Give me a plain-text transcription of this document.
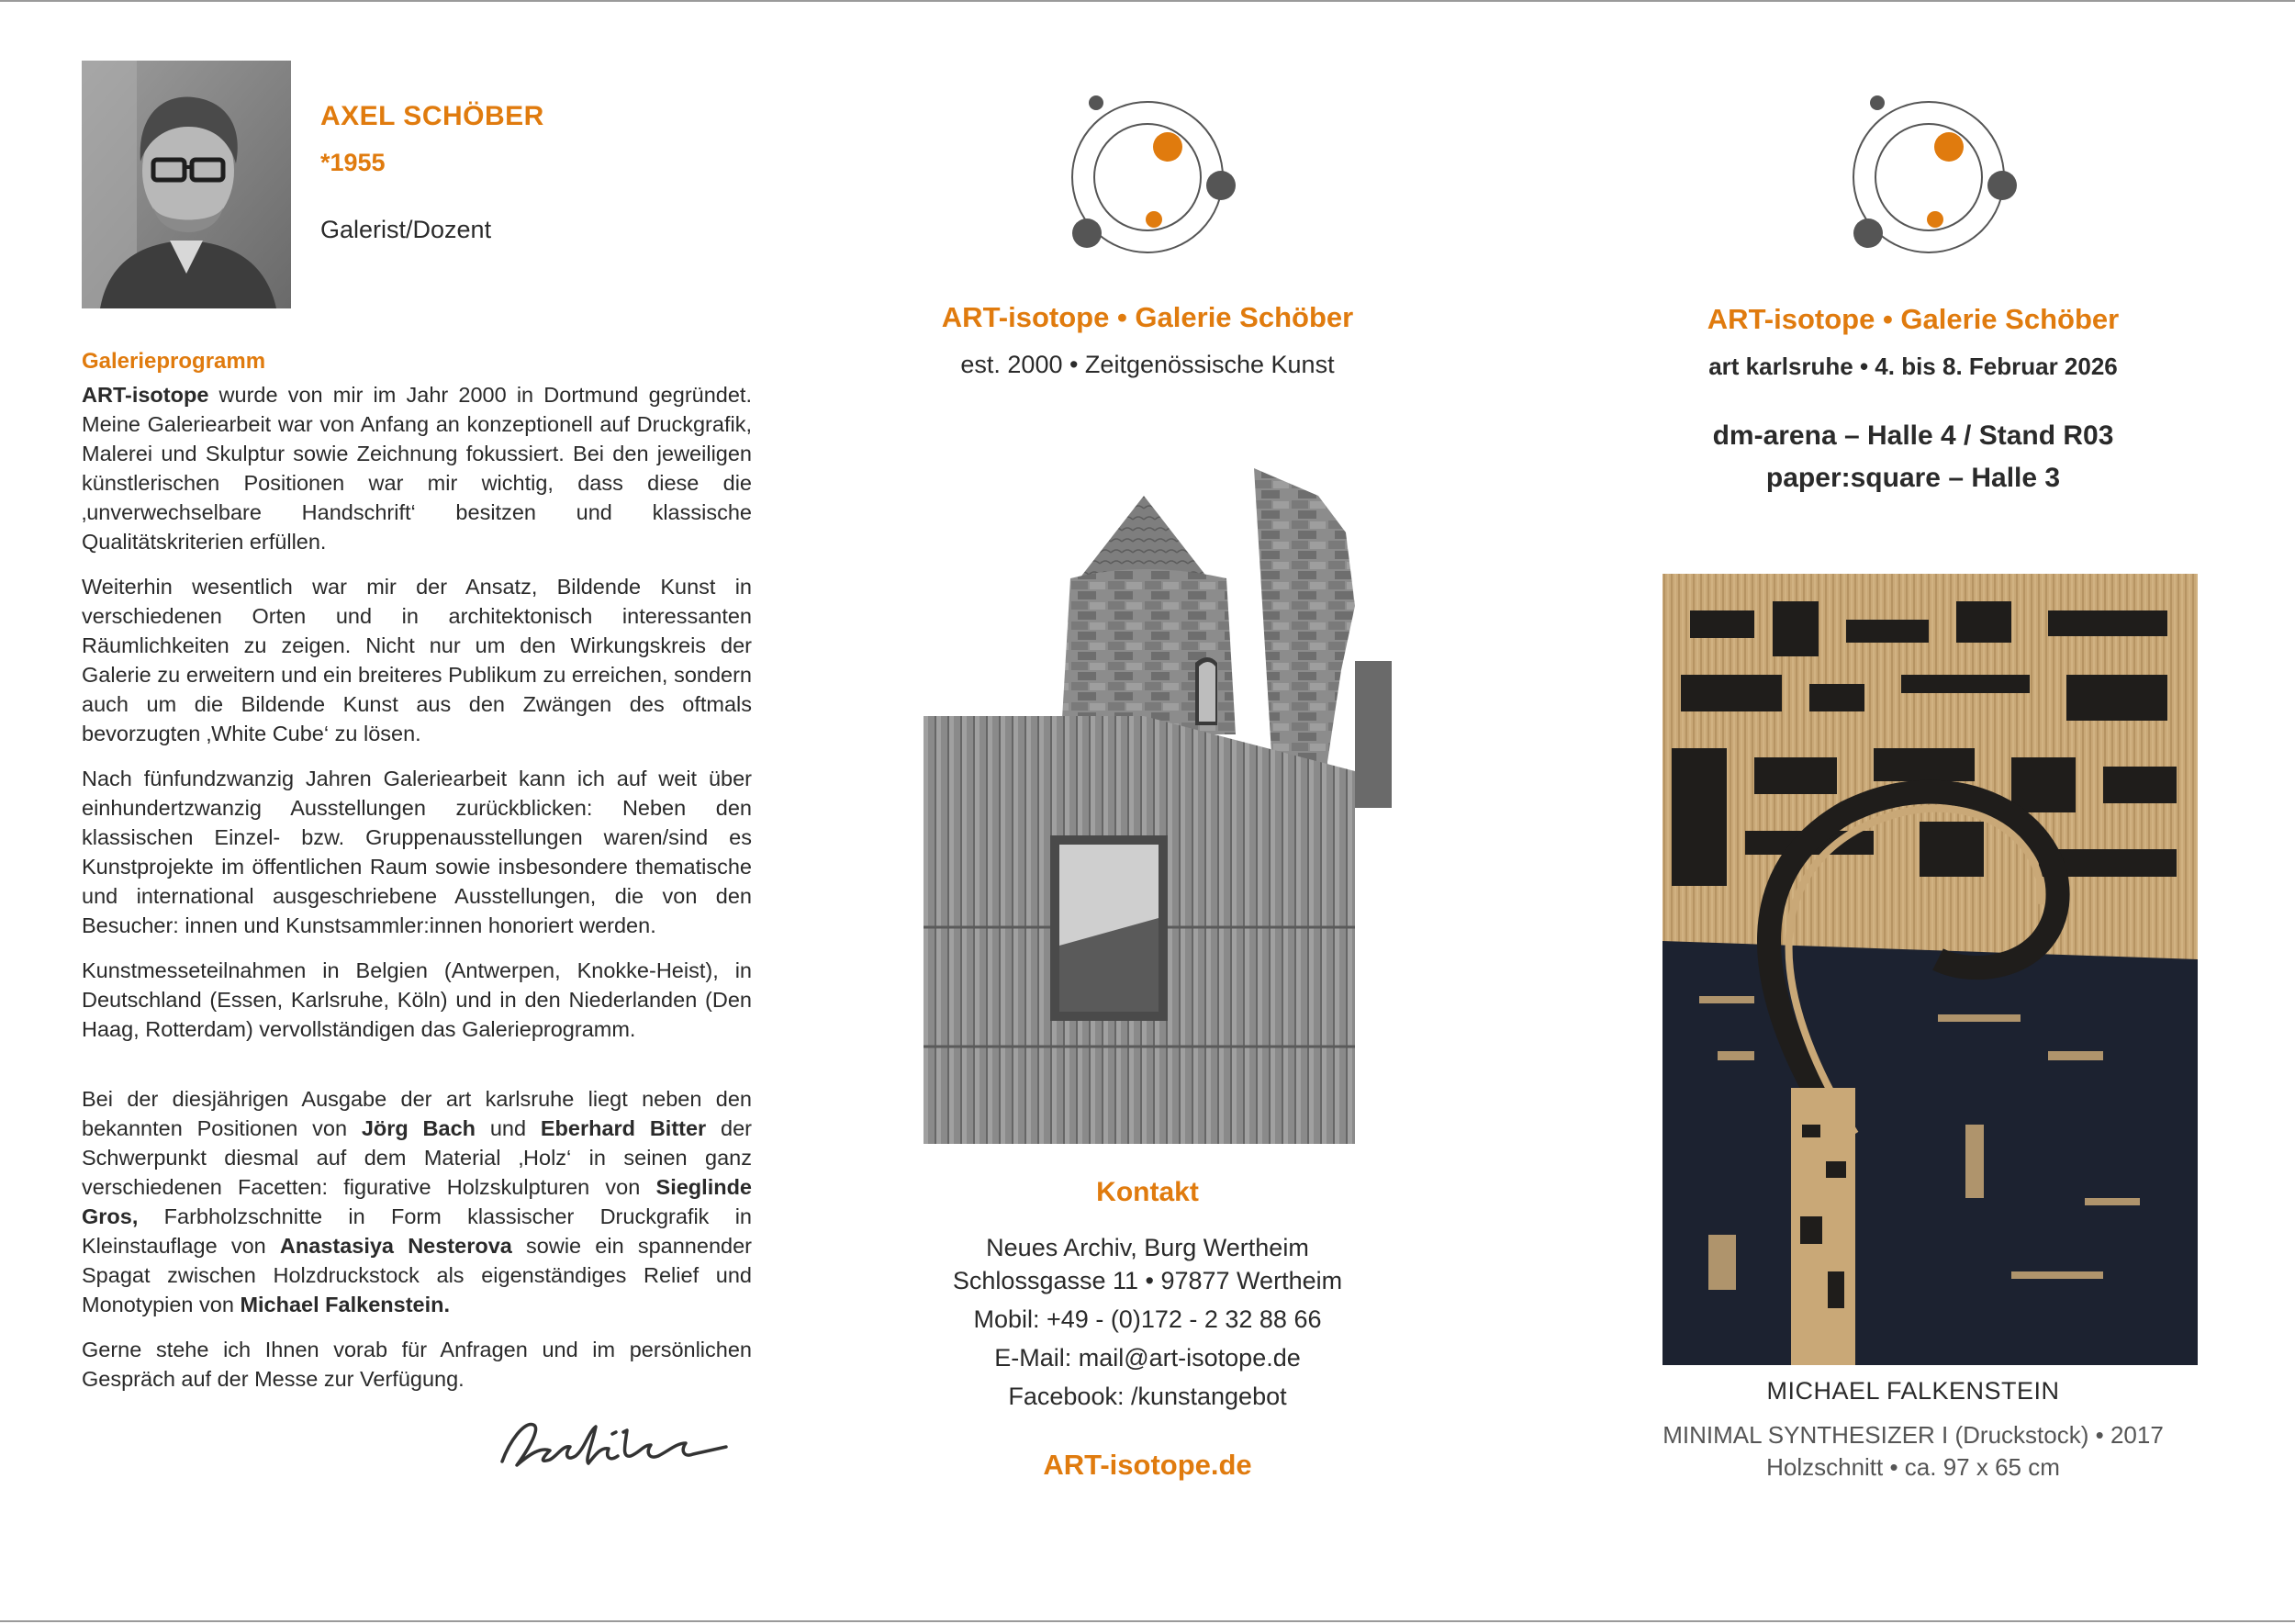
AXEL SCHÖBER
*1955
Galerist/Dozent
Galerieprogramm

ART-isotope wurde von mir im Jahr 2000 in Dortmund gegründet. Meine Galeriearbeit war von Anfang an konzeptionell auf Druckgrafik, Malerei und Skulptur sowie Zeichnung fokussiert. Bei den jeweiligen künstlerischen Positionen war mir wichtig, dass diese die ‚unverwechselbare Handschrift‘ besitzen und klassische Qualitätskriterien erfüllen.

Weiterhin wesentlich war mir der Ansatz, Bildende Kunst in verschiedenen Orten und in architektonisch interessanten Räumlichkeiten zu zeigen. Nicht nur um den Wirkungskreis der Galerie zu erweitern und ein breiteres Publikum zu erreichen, sondern auch um die Bildende Kunst aus den Zwängen des oftmals bevorzugten ‚White Cube‘ zu lösen.

Nach fünfundzwanzig Jahren Galeriearbeit kann ich auf weit über einhundertzwanzig Ausstellungen zurückblicken: Neben den klassischen Einzel- bzw. Gruppenausstellungen waren/sind es Kunstprojekte im öffentlichen Raum sowie insbesondere thematische und international ausgeschriebene Ausstellungen, die von den Besucher: innen und Kunstsammler:innen honoriert werden.

Kunstmesseteilnahmen in Belgien (Antwerpen, Knokke-Heist), in Deutschland (Essen, Karlsruhe, Köln) und in den Niederlanden (Den Haag, Rotterdam) vervollständigen das Galerieprogramm.

Bei der diesjährigen Ausgabe der art karlsruhe liegt neben den bekannten Positionen von Jörg Bach und Eberhard Bitter der Schwerpunkt diesmal auf dem Material ‚Holz‘ in seinen ganz verschiedenen Facetten: figurative Holzskulpturen von Sieglinde Gros, Farbholzschnitte in Form klassischer Druckgrafik in Kleinstauflage von Anastasiya Nesterova sowie ein spannender Spagat zwischen Holzdruckstock als eigenständiges Relief und Monotypien von Michael Falkenstein.

Gerne stehe ich Ihnen vorab für Anfragen und im persönlichen Gespräch auf der Messe zur Verfügung.

ART-isotope • Galerie Schöber
est. 2000 • Zeitgenössische Kunst
Kontakt
Neues Archiv, Burg Wertheim
Schlossgasse 11 • 97877 Wertheim
Mobil: +49 - (0)172 - 2 32 88 66
E-Mail: mail@art-isotope.de
Facebook: /kunstangebot
ART-isotope.de
ART-isotope • Galerie Schöber
art karlsruhe • 4. bis 8. Februar 2026
dm-arena – Halle 4 / Stand R03
paper:square – Halle 3
MICHAEL FALKENSTEIN
MINIMAL SYNTHESIZER I (Druckstock) • 2017
Holzschnitt • ca. 97 x 65 cm
